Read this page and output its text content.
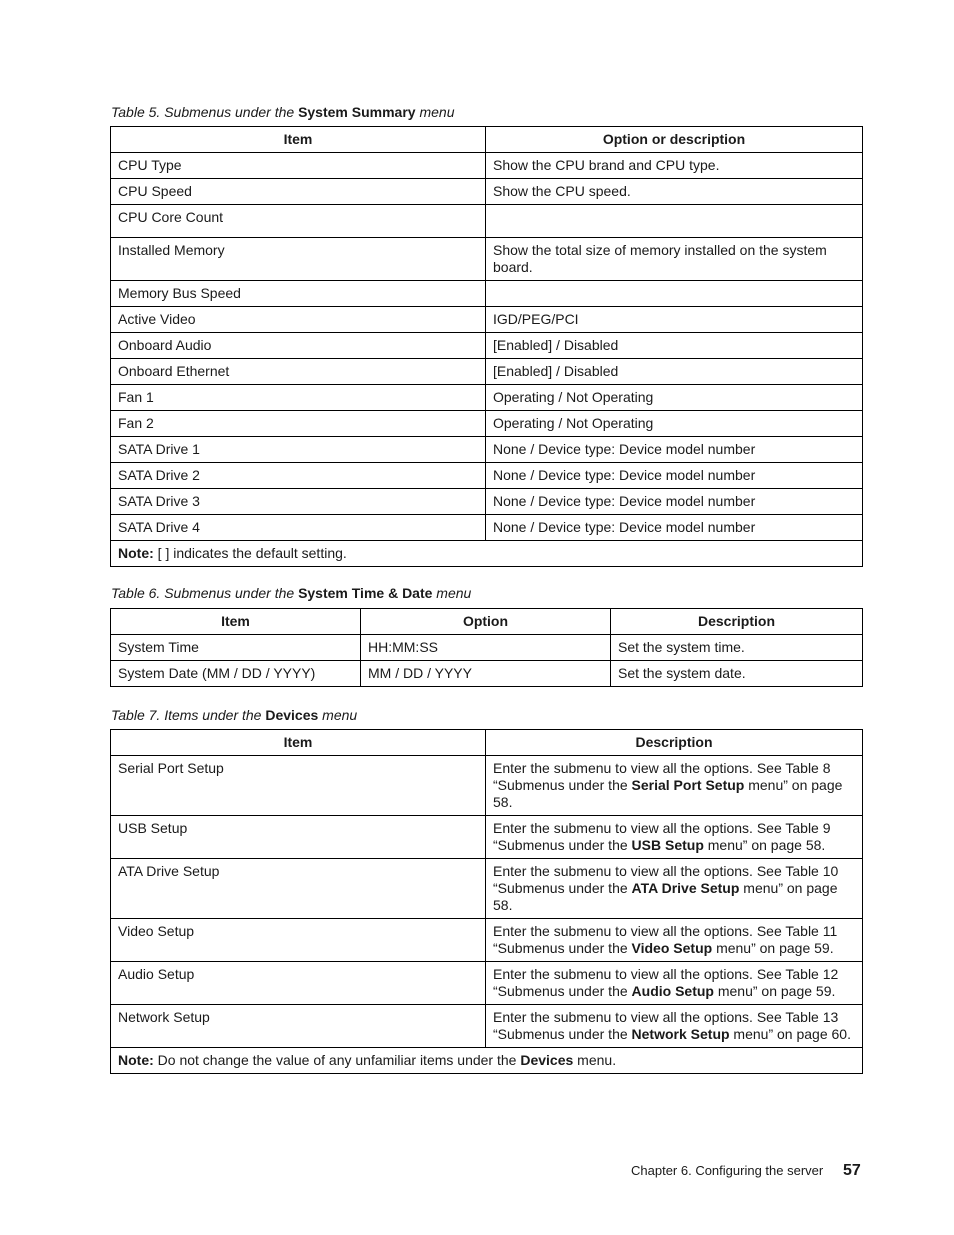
Table 5. Submenus under the System Summary menu
Item	Option or description
CPU Type	Show the CPU brand and CPU type.
CPU Speed	Show the CPU speed.
CPU Core Count	
Installed Memory	Show the total size of memory installed on the system board.
Memory Bus Speed	
Active Video	IGD/PEG/PCI
Onboard Audio	[Enabled] / Disabled
Onboard Ethernet	[Enabled] / Disabled
Fan 1	Operating / Not Operating
Fan 2	Operating / Not Operating
SATA Drive 1	None / Device type: Device model number
SATA Drive 2	None / Device type: Device model number
SATA Drive 3	None / Device type: Device model number
SATA Drive 4	None / Device type: Device model number
Note: [ ] indicates the default setting.	
Table 6. Submenus under the System Time & Date menu
Item	Option	Description
System Time	HH:MM:SS	Set the system time.
System Date (MM / DD / YYYY)	MM / DD / YYYY	Set the system date.
Table 7. Items under the Devices menu
Item	Description
Serial Port Setup	Enter the submenu to view all the options. See Table 8 “Submenus under the Serial Port Setup menu” on page 58.
USB Setup	Enter the submenu to view all the options. See Table 9 “Submenus under the USB Setup menu” on page 58.
ATA Drive Setup	Enter the submenu to view all the options. See Table 10 “Submenus under the ATA Drive Setup menu” on page 58.
Video Setup	Enter the submenu to view all the options. See Table 11 “Submenus under the Video Setup menu” on page 59.
Audio Setup	Enter the submenu to view all the options. See Table 12 “Submenus under the Audio Setup menu” on page 59.
Network Setup	Enter the submenu to view all the options. See Table 13 “Submenus under the Network Setup menu” on page 60.
Note: Do not change the value of any unfamiliar items under the Devices menu.	
Chapter 6. Configuring the server 57
